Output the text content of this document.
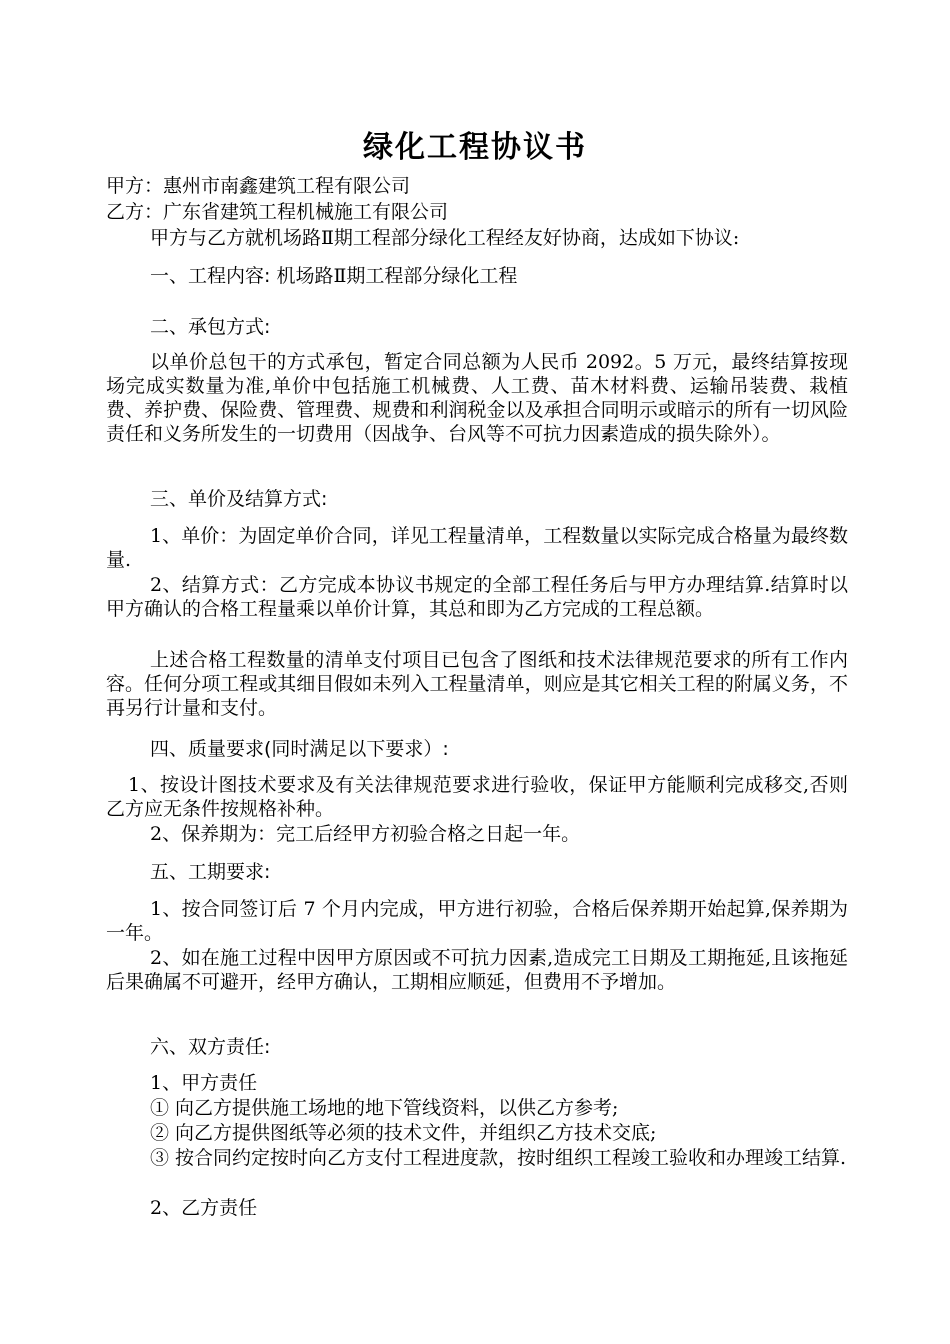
绿化工程协议书
甲方：惠州市南鑫建筑工程有限公司
乙方：广东省建筑工程机械施工有限公司
甲方与乙方就机场路Ⅱ期工程部分绿化工程经友好协商，达成如下协议:
一、工程内容: 机场路Ⅱ期工程部分绿化工程
二、承包方式:
以单价总包干的方式承包，暂定合同总额为人民币 2092。5 万元，最终结算按现场完成实数量为准,单价中包括施工机械费、人工费、苗木材料费、运输吊装费、栽植费、养护费、保险费、管理费、规费和利润税金以及承担合同明示或暗示的所有一切风险责任和义务所发生的一切费用（因战争、台风等不可抗力因素造成的损失除外）。
三、单价及结算方式:
1、单价：为固定单价合同，详见工程量清单，工程数量以实际完成合格量为最终数量.
2、结算方式：乙方完成本协议书规定的全部工程任务后与甲方办理结算.结算时以甲方确认的合格工程量乘以单价计算，其总和即为乙方完成的工程总额。
上述合格工程数量的清单支付项目已包含了图纸和技术法律规范要求的所有工作内容。任何分项工程或其细目假如未列入工程量清单，则应是其它相关工程的附属义务，不再另行计量和支付。
四、质量要求(同时满足以下要求）:
1、按设计图技术要求及有关法律规范要求进行验收，保证甲方能顺利完成移交,否则乙方应无条件按规格补种。
2、保养期为：完工后经甲方初验合格之日起一年。
五、工期要求:
1、按合同签订后 7 个月内完成，甲方进行初验，合格后保养期开始起算,保养期为一年。
2、如在施工过程中因甲方原因或不可抗力因素,造成完工日期及工期拖延,且该拖延后果确属不可避开，经甲方确认，工期相应顺延，但费用不予增加。
六、双方责任:
1、甲方责任
① 向乙方提供施工场地的地下管线资料，以供乙方参考;
② 向乙方提供图纸等必须的技术文件，并组织乙方技术交底;
③ 按合同约定按时向乙方支付工程进度款，按时组织工程竣工验收和办理竣工结算.
2、乙方责任
